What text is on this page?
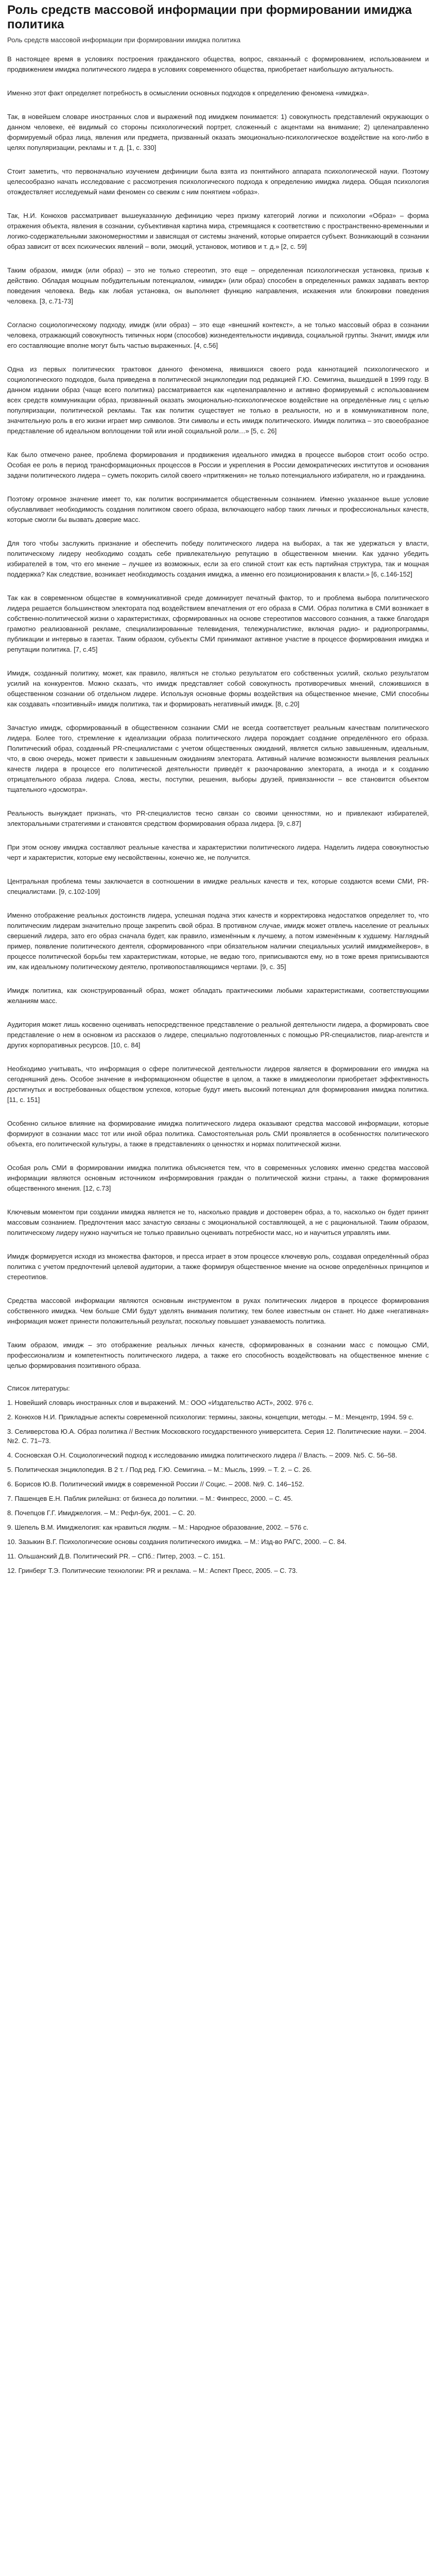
Роль средств массовой информации при формировании имиджа политика
Роль средств массовой информации при формировании имиджа политика

В настоящее время в условиях построения гражданского общества, вопрос, связанный с формированием, использованием и продвижением имиджа политического лидера в условиях современного общества, приобретает наибольшую актуальность.

Именно этот факт определяет потребность в осмыслении основных подходов к определению феномена «имиджа».

Так, в новейшем словаре иностранных слов и выражений под имиджем понимается: 1) совокупность представлений окружающих о данном человеке, её видимый со стороны психологический портрет, сложенный с акцентами на внимание; 2) целенаправленно формируемый образ лица, явления или предмета, призванный оказать эмоционально-психологическое воздействие на кого-либо в целях популяризации, рекламы и т. д. [1, с. 330]

Стоит заметить, что первоначально изучением дефиниции была взята из понятийного аппарата психологической науки. Поэтому целесообразно начать исследование с рассмотрения психологического подхода к определению имиджа лидера. Общая психология отождествляет исследуемый нами феномен со свежим с ним понятием «образ».

Так, Н.И. Конюхов рассматривает вышеуказанную дефиницию через призму категорий логики и психологии «Образ» – форма отражения объекта, явления в сознании, субъективная картина мира, стремящаяся к соответствию с пространственно-временными и логико-содержательными закономерностями и зависящая от системы значений, которые опирается субъект. Возникающий в сознании образ зависит от всех психических явлений – воли, эмоций, установок, мотивов и т. д.» [2, с. 59]

Таким образом, имидж (или образ) – это не только стереотип, это еще – определенная психологическая установка, призыв к действию. Обладая мощным побудительным потенциалом, «имидж» (или образ) способен в определенных рамках задавать вектор поведения человека. Ведь как любая установка, он выполняет функцию направления, искажения или блокировки поведения человека. [3, с.71-73]

Согласно социологическому подходу, имидж (или образ) – это еще «внешний контекст», а не только массовый образ в сознании человека, отражающий совокупность типичных норм (способов) жизнедеятельности индивида, социальной группы. Значит, имидж или его составляющие вполне могут быть частью выраженных. [4, с.56]

Одна из первых политических трактовок данного феномена, явившихся своего рода каннотацией психологического и социологического подходов, была приведена в политической энциклопедии под редакцией Г.Ю. Семигина, вышедшей в 1999 году. В данном издании образ (чаще всего политика) рассматривается как «целенаправленно и активно формируемый с использованием всех средств коммуникации образ, призванный оказать эмоционально-психологическое воздействие на определённые лиц с целью популяризации, политической рекламы. Так как политик существует не только в реальности, но и в коммуникативном поле, значительную роль в его жизни играет мир символов. Эти символы и есть имидж политического. Имидж политика – это своеобразное представление об идеальном воплощении той или иной социальной роли…» [5, с. 26]

Как было отмечено ранее, проблема формирования и продвижения идеального имиджа в процессе выборов стоит особо остро. Особая ее роль в период трансформационных процессов в России и укрепления в России демократических институтов и основания задачи политического лидера – суметь покорить силой своего «притяжения» не только потенциального избирателя, но и гражданина.

Поэтому огромное значение имеет то, как политик воспринимается общественным сознанием. Именно указанное выше условие обуславливает необходимость создания политиком своего образа, включающего набор таких личных и профессиональных качеств, которые смогли бы вызвать доверие масс.

Для того чтобы заслужить признание и обеспечить победу политического лидера на выборах, а так же удержаться у власти, политическому лидеру необходимо создать себе привлекательную репутацию в общественном мнении. Как удачно убедить избирателей в том, что его мнение – лучшее из возможных, если за его спиной стоит как есть партийная структура, так и мощная поддержка? Как следствие, возникает необходимость создания имиджа, а именно его позиционирования к власти.» [6, с.146-152]

Так как в современном обществе в коммуникативной среде доминирует печатный фактор, то и проблема выбора политического лидера решается большинством электората под воздействием впечатления от его образа в СМИ. Образ политика в СМИ возникает в собственно-политической жизни о характеристиках, сформированных на основе стереотипов массового сознания, а также благодаря грамотно реализованной рекламе, специализированные телевидения, тележурналистике, включая радио- и радиопрограммы, публикации и интервью в газетах. Таким образом, субъекты СМИ принимают активное участие в процессе формирования имиджа и репутации политика. [7, с.45]

Имидж, созданный политику, может, как правило, являться не столько результатом его собственных усилий, сколько результатом усилий на конкурентов. Можно сказать, что имидж представляет собой совокупность противоречивых мнений, сложившихся в общественном сознании об отдельном лидере. Используя основные формы воздействия на общественное мнение, СМИ способны как создавать «позитивный» имидж политика, так и формировать негативный имидж. [8, с.20]

Зачастую имидж, сформированный в общественном сознании СМИ не всегда соответствует реальным качествам политического лидера. Более того, стремление к идеализации образа политического лидера порождает создание определённого его образа. Политический образ, созданный PR-специалистами с учетом общественных ожиданий, является сильно завышенным, идеальным, что, в свою очередь, может привести к завышенным ожиданиям электората. Активный наличие возможности выявления реальных качеств лидера в процессе его политической деятельности приведёт к разочарованию электората, а иногда и к созданию отрицательного образа лидера. Слова, жесты, поступки, решения, выборы друзей, привязанности – все становится объектом тщательного «досмотра».

Реальность вынуждает признать, что PR-специалистов тесно связан со своими ценностями, но и привлекают избирателей, электоральными стратегиями и становятся средством формирования образа лидера. [9, с.87]

При этом основу имиджа составляют реальные качества и характеристики политического лидера. Наделить лидера совокупностью черт и характеристик, которые ему несвойственны, конечно же, не получится.

Центральная проблема темы заключается в соотношении в имидже реальных качеств и тех, которые создаются всеми СМИ, PR-специалистами. [9, с.102-109]

Именно отображение реальных достоинств лидера, успешная подача этих качеств и корректировка недостатков определяет то, что политическим лидерам значительно проще закрепить свой образ. В противном случае, имидж может отвлечь население от реальных свершений лидера, зато его образ сначала будет, как правило, изменённым к лучшему, а потом изменённым к худшему. Наглядный пример, появление политического деятеля, сформированного «при обязательном наличии специальных усилий имиджмейкеров», в процессе политической борьбы тем характеристикам, которые, не ведаю того, приписываются ему, но в тоже время приписываются им, как идеальному политическому деятелю, противопоставляющимся чертами. [9, с. 35]

Имидж политика, как сконструированный образ, может обладать практическими любыми характеристиками, соответствующими желаниям масс.

Аудитория может лишь косвенно оценивать непосредственное представление о реальной деятельности лидера, а формировать свое представление о нем в основном из рассказов о лидере, специально подготовленных с помощью PR-специалистов, пиар-агентств и других корпоративных ресурсов. [10, с. 84]

Необходимо учитывать, что информация о сфере политической деятельности лидеров является в формировании его имиджа на сегодняшний день. Особое значение в информационном обществе в целом, а также в имиджеологии приобретает эффективность достигнутых и востребованных обществом успехов, которые будут иметь высокий потенциал для формирования имиджа политика. [11, с. 151]

Особенно сильное влияние на формирование имиджа политического лидера оказывают средства массовой информации, которые формируют в сознании масс тот или иной образ политика. Самостоятельная роль СМИ проявляется в особенностях политического объекта, его политической культуры, а также в представлениях о ценностях и нормах политической жизни.

Особая роль СМИ в формировании имиджа политика объясняется тем, что в современных условиях именно средства массовой информации являются основным источником информирования граждан о политической жизни страны, а также формирования общественного мнения. [12, с.73]

Ключевым моментом при создании имиджа является не то, насколько правдив и достоверен образ, а то, насколько он будет принят массовым сознанием. Предпочтения масс зачастую связаны с эмоциональной составляющей, а не с рациональной. Таким образом, политическому лидеру нужно научиться не только правильно оценивать потребности масс, но и научиться управлять ими.

Имидж формируется исходя из множества факторов, и пресса играет в этом процессе ключевую роль, создавая определённый образ политика с учетом предпочтений целевой аудитории, а также формируя общественное мнение на основе определённых принципов и стереотипов.

Средства массовой информации являются основным инструментом в руках политических лидеров в процессе формирования собственного имиджа. Чем больше СМИ будут уделять внимания политику, тем более известным он станет. Но даже «негативная» информация может принести положительный результат, поскольку повышает узнаваемость политика.

Таким образом, имидж – это отображение реальных личных качеств, сформированных в сознании масс с помощью СМИ, профессионализм и компетентность политического лидера, а также его способность воздействовать на общественное мнение с целью формирования позитивного образа.

Список литературы:
1. Новейший словарь иностранных слов и выражений. М.: ООО «Издательство АСТ», 2002. 976 с.
2. Конюхов Н.И. Прикладные аспекты современной психологии: термины, законы, концепции, методы. – М.: Менцентр, 1994. 59 с.
3. Селиверстова Ю.А. Образ политика // Вестник Московского государственного университета. Серия 12. Политические науки. – 2004. №2. С. 71–73.
4. Сосновская О.Н. Социологический подход к исследованию имиджа политического лидера // Власть. – 2009. №5. С. 56–58.
5. Политическая энциклопедия. В 2 т. / Под ред. Г.Ю. Семигина. – М.: Мысль, 1999. – Т. 2. – С. 26.
6. Борисов Ю.В. Политический имидж в современной России // Социс. – 2008. №9. С. 146–152.
7. Пашенцев Е.Н. Паблик рилейшнз: от бизнеса до политики. – М.: Финпресс, 2000. – С. 45.
8. Почепцов Г.Г. Имиджелогия. – М.: Рефл-бук, 2001. – С. 20.
9. Шепель В.М. Имиджелогия: как нравиться людям. – М.: Народное образование, 2002. – 576 с.
10. Зазыкин В.Г. Психологические основы создания политического имиджа. – М.: Изд-во РАГС, 2000. – С. 84.
11. Ольшанский Д.В. Политический PR. – СПб.: Питер, 2003. – С. 151.
12. Гринберг Т.Э. Политические технологии: PR и реклама. – М.: Аспект Пресс, 2005. – С. 73.
